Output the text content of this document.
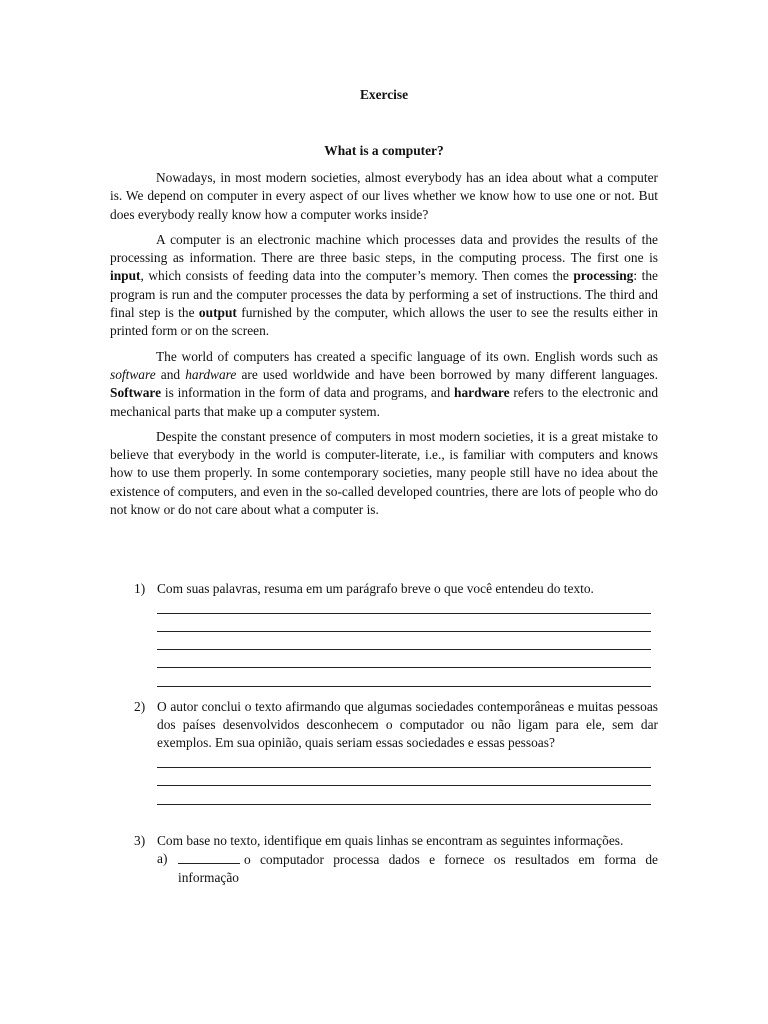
Exercise
What is a computer?

Nowadays, in most modern societies, almost everybody has an idea about what a computer is. We depend on computer in every aspect of our lives whether we know how to use one or not. But does everybody really know how a computer works inside?

A computer is an electronic machine which processes data and provides the results of the processing as information. There are three basic steps, in the computing process. The first one is input, which consists of feeding data into the computer’s memory. Then comes the processing: the program is run and the computer processes the data by performing a set of instructions. The third and final step is the output furnished by the computer, which allows the user to see the results either in printed form or on the screen.

The world of computers has created a specific language of its own. English words such as software and hardware are used worldwide and have been borrowed by many different languages. Software is information in the form of data and programs, and hardware refers to the electronic and mechanical parts that make up a computer system.

Despite the constant presence of computers in most modern societies, it is a great mistake to believe that everybody in the world is computer-literate, i.e., is familiar with computers and knows how to use them properly. In some contemporary societies, many people still have no idea about the existence of computers, and even in the so-called developed countries, there are lots of people who do not know or do not care about what a computer is.

1) Com suas palavras, resuma em um parágrafo breve o que você entendeu do texto.

2) O autor conclui o texto afirmando que algumas sociedades contemporâneas e muitas pessoas dos países desenvolvidos desconhecem o computador ou não ligam para ele, sem dar exemplos. Em sua opinião, quais seriam essas sociedades e essas pessoas?

3) Com base no texto, identifique em quais linhas se encontram as seguintes informações.

a)	o computador processa dados e fornece os resultados em forma de informação
